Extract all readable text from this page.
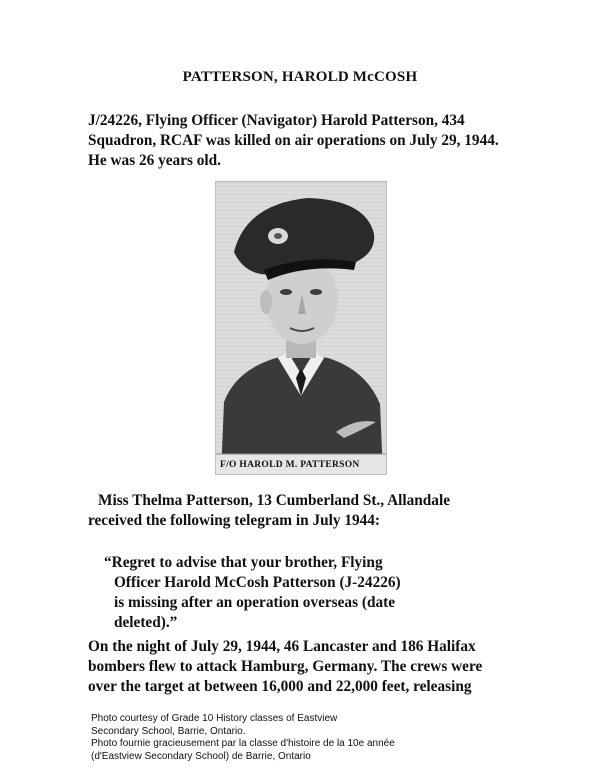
PATTERSON, HAROLD McCOSH
J/24226, Flying Officer (Navigator) Harold Patterson, 434
Squadron, RCAF was killed on air operations on July 29, 1944.
He was 26 years old.
F/O HAROLD M. PATTERSON
Miss Thelma Patterson, 13 Cumberland St., Allandale
received the following telegram in July 1944:
“Regret to advise that your brother, Flying
Officer Harold McCosh Patterson (J-24226)
is missing after an operation overseas (date
deleted).”
On the night of July 29, 1944, 46 Lancaster and 186 Halifax
bombers flew to attack Hamburg, Germany. The crews were
over the target at between 16,000 and 22,000 feet, releasing
Photo courtesy of Grade 10 History classes of Eastview
Secondary School, Barrie, Ontario.
Photo fournie gracieusement par la classe d'histoire de la 10e année
(d'Eastview Secondary School) de Barrie, Ontario
